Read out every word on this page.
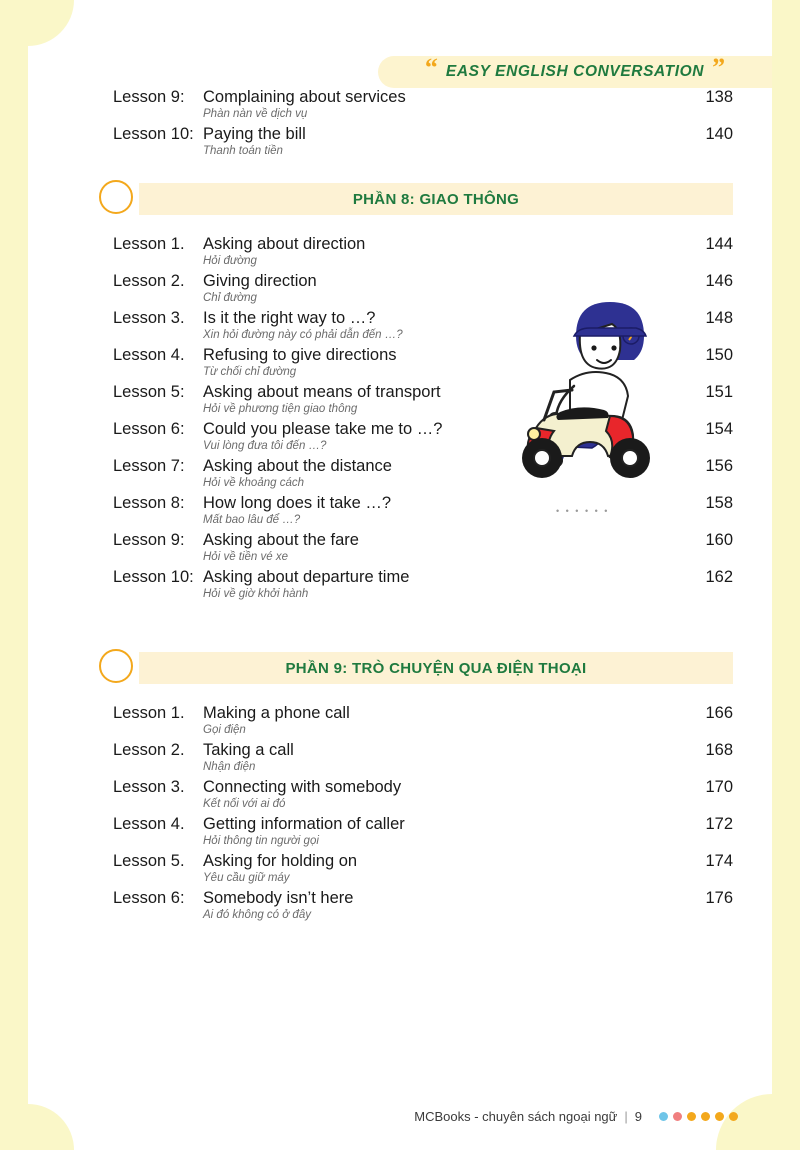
“ EASY ENGLISH CONVERSATION ”
Lesson 9:	Complaining about services	138
Phàn nàn về dịch vụ
Lesson 10: Paying the bill	140
Thanh toán tiền
PHẦN 8: GIAO THÔNG
Lesson 1.	Asking about direction	144
Hỏi đường
Lesson 2.	Giving direction	146
Chỉ đường
Lesson 3.	Is it the right way to …?	148
Xin hỏi đường này có phải dẫn đến …?
Lesson 4.	Refusing to give directions	150
Từ chối chỉ đường
Lesson 5:	Asking about means of transport	151
Hỏi về phương tiện giao thông
Lesson 6:	Could you please take me to …?	154
Vui lòng đưa tôi đến …?
Lesson 7:	Asking about the distance	156
Hỏi về khoảng cách
Lesson 8:	How long does it take …?	158
Mất bao lâu để …?
Lesson 9:	Asking about the fare	160
Hỏi về tiền vé xe
Lesson 10: Asking about departure time	162
Hỏi về giờ khởi hành
PHẦN 9: TRÒ CHUYỆN QUA ĐIỆN THOẠI
Lesson 1.	Making a phone call	166
Gọi điện
Lesson 2.	Taking a call	168
Nhận điện
Lesson 3.	Connecting with somebody	170
Kết nối với ai đó
Lesson 4.	Getting information of caller	172
Hỏi thông tin người gọi
Lesson 5.	Asking for holding on	174
Yêu cầu giữ máy
Lesson 6:	Somebody isn’t here	176
Ai đó không có ở đây
• • • • • •
MCBooks - chuyên sách ngoại ngữ | 9
